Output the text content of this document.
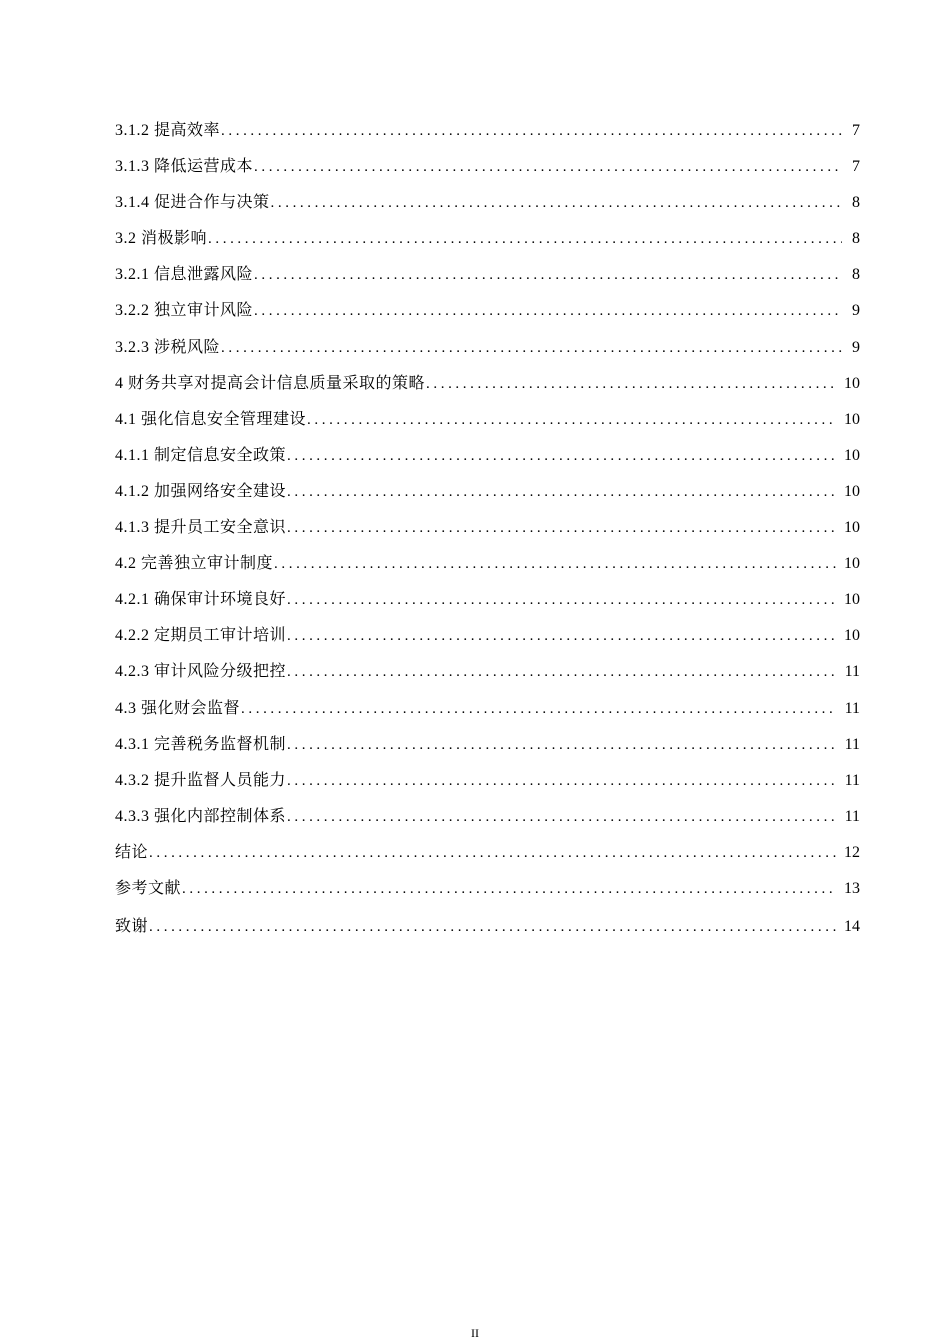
3.1.2 提高效率 .....	7
3.1.3 降低运营成本 .....	7
3.1.4 促进合作与决策 .....	8
3.2 消极影响 .....	8
3.2.1 信息泄露风险 .....	8
3.2.2 独立审计风险 .....	9
3.2.3 涉税风险 .....	9
4 财务共享对提高会计信息质量采取的策略 .....	10
4.1 强化信息安全管理建设 .....	10
4.1.1 制定信息安全政策 .....	10
4.1.2 加强网络安全建设 .....	10
4.1.3 提升员工安全意识 .....	10
4.2 完善独立审计制度 .....	10
4.2.1 确保审计环境良好 .....	10
4.2.2 定期员工审计培训 .....	10
4.2.3 审计风险分级把控 .....	11
4.3 强化财会监督 .....	11
4.3.1 完善税务监督机制 .....	11
4.3.2 提升监督人员能力 .....	11
4.3.3 强化内部控制体系 .....	11
结论 .....	12
参考文献 .....	13
致谢 .....	14
II
